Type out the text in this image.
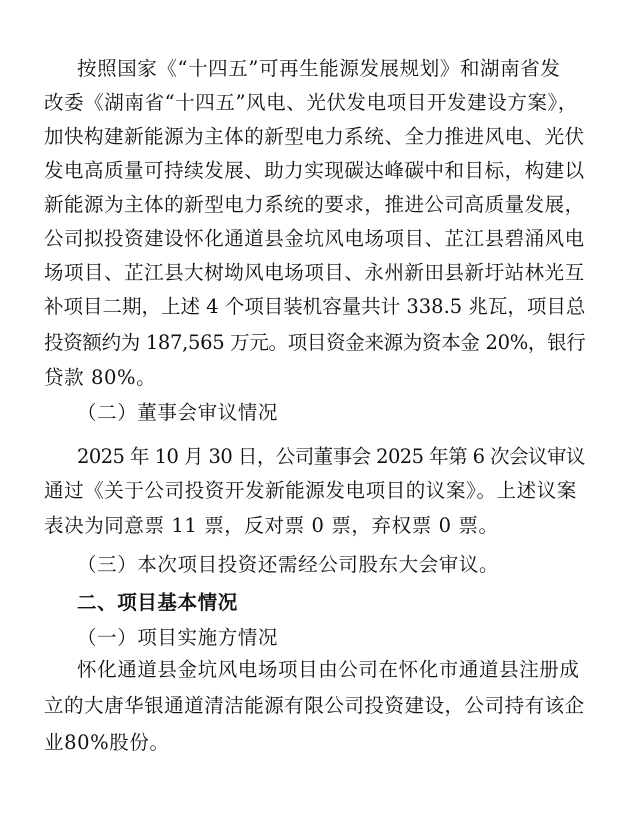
按照国家《“十四五”可再生能源发展规划》和湖南省发
改委《湖南省“十四五”风电、光伏发电项目开发建设方案》，
加快构建新能源为主体的新型电力系统、全力推进风电、光伏
发电高质量可持续发展、助力实现碳达峰碳中和目标，构建以
新能源为主体的新型电力系统的要求，推进公司高质量发展，
公司拟投资建设怀化通道县金坑风电场项目、芷江县碧涌风电
场项目、芷江县大树坳风电场项目、永州新田县新圩站林光互
补项目二期，上述 4 个项目装机容量共计 338.5 兆瓦，项目总
投资额约为 187,565 万元。项目资金来源为资本金 20%，银行
贷款 80%。
（二）董事会审议情况
2025 年 10 月 30 日，公司董事会 2025 年第 6 次会议审议
通过《关于公司投资开发新能源发电项目的议案》。上述议案
表决为同意票 11 票，反对票 0 票，弃权票 0 票。
（三）本次项目投资还需经公司股东大会审议。
二、项目基本情况
（一）项目实施方情况
怀化通道县金坑风电场项目由公司在怀化市通道县注册成
立的大唐华银通道清洁能源有限公司投资建设，公司持有该企
业80%股份。
